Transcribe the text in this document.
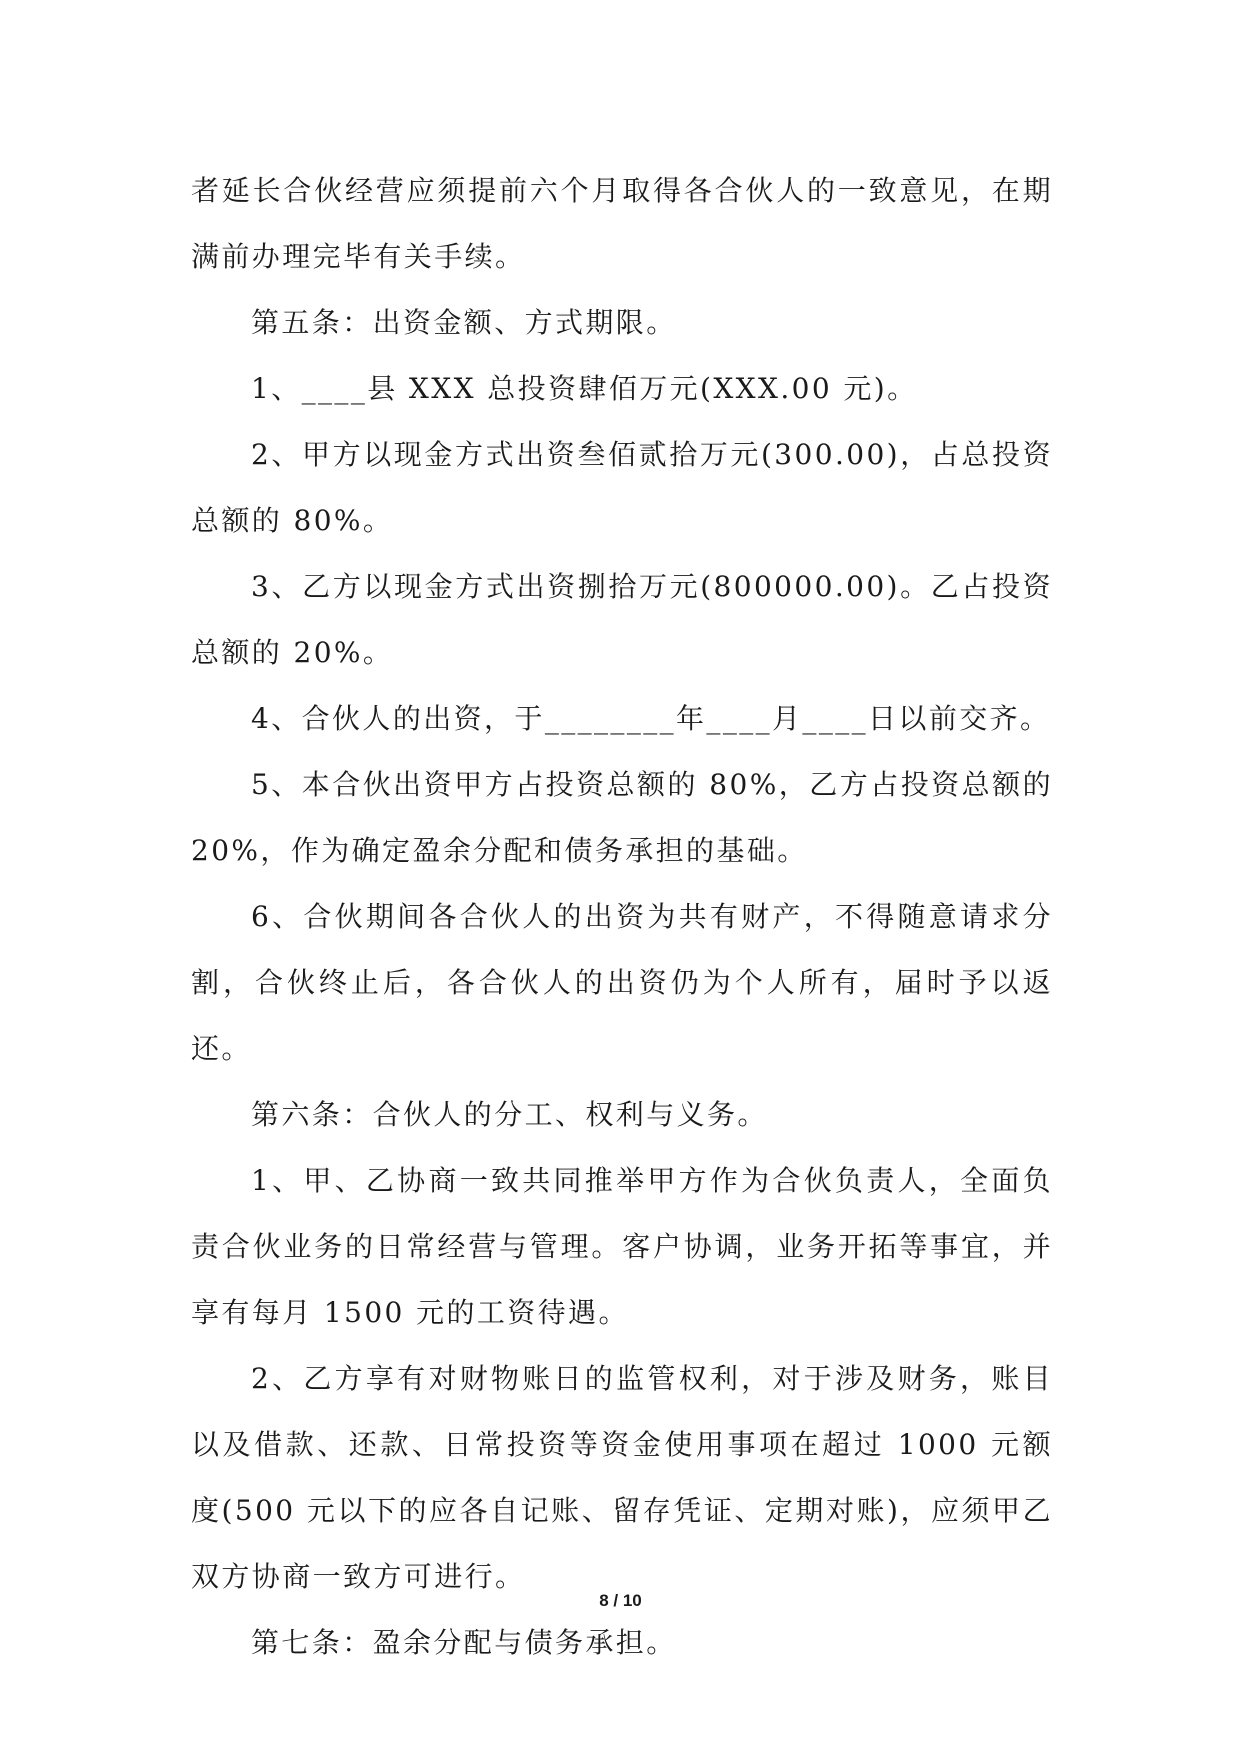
者延长合伙经营应须提前六个月取得各合伙人的一致意见，在期满前办理完毕有关手续。

第五条：出资金额、方式期限。

1、____县 XXX 总投资肆佰万元(XXX.00 元)。

2、甲方以现金方式出资叁佰贰拾万元(300.00)，占总投资总额的 80%。

3、乙方以现金方式出资捌拾万元(800000.00)。乙占投资总额的 20%。

4、合伙人的出资，于________年____月____日以前交齐。

5、本合伙出资甲方占投资总额的 80%，乙方占投资总额的 20%，作为确定盈余分配和债务承担的基础。

6、合伙期间各合伙人的出资为共有财产，不得随意请求分割，合伙终止后，各合伙人的出资仍为个人所有，届时予以返还。

第六条：合伙人的分工、权利与义务。

1、甲、乙协商一致共同推举甲方作为合伙负责人，全面负责合伙业务的日常经营与管理。客户协调，业务开拓等事宜，并享有每月 1500 元的工资待遇。

2、乙方享有对财物账日的监管权利，对于涉及财务，账目以及借款、还款、日常投资等资金使用事项在超过 1000 元额度(500 元以下的应各自记账、留存凭证、定期对账)，应须甲乙双方协商一致方可进行。

第七条：盈余分配与债务承担。

8 / 10
